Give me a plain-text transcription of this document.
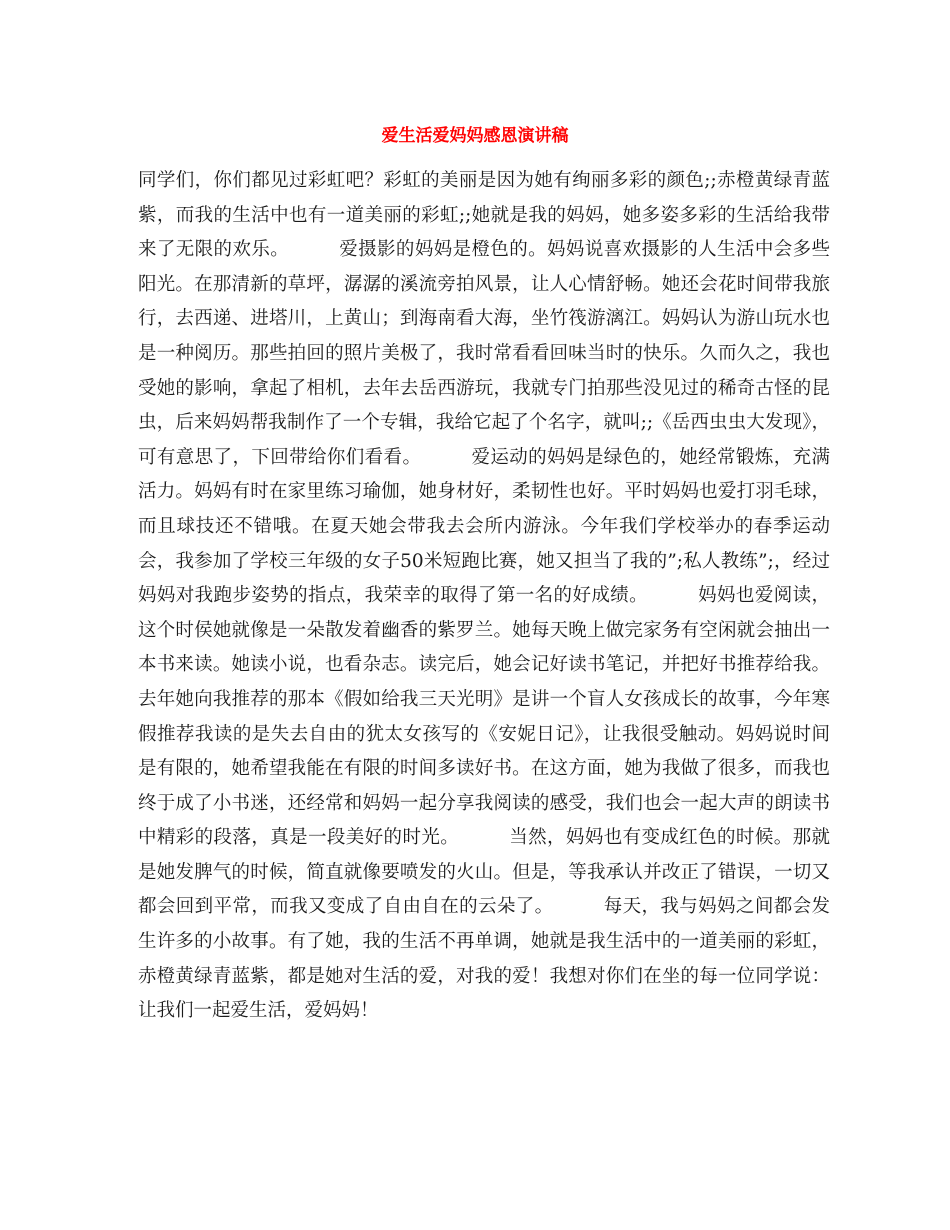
爱生活爱妈妈感恩演讲稿

同学们，你们都见过彩虹吧？彩虹的美丽是因为她有绚丽多彩的颜色;;赤橙黄绿青蓝紫，而我的生活中也有一道美丽的彩虹;;她就是我的妈妈，她多姿多彩的生活给我带来了无限的欢乐。        爱摄影的妈妈是橙色的。妈妈说喜欢摄影的人生活中会多些阳光。在那清新的草坪，潺潺的溪流旁拍风景，让人心情舒畅。她还会花时间带我旅行，去西递、进塔川，上黄山；到海南看大海，坐竹筏游漓江。妈妈认为游山玩水也是一种阅历。那些拍回的照片美极了，我时常看看回味当时的快乐。久而久之，我也受她的影响，拿起了相机，去年去岳西游玩，我就专门拍那些没见过的稀奇古怪的昆虫，后来妈妈帮我制作了一个专辑，我给它起了个名字，就叫;;《岳西虫虫大发现》，可有意思了，下回带给你们看看。        爱运动的妈妈是绿色的，她经常锻炼，充满活力。妈妈有时在家里练习瑜伽，她身材好，柔韧性也好。平时妈妈也爱打羽毛球，而且球技还不错哦。在夏天她会带我去会所内游泳。今年我们学校举办的春季运动会，我参加了学校三年级的女子50米短跑比赛，她又担当了我的”;私人教练”;，经过妈妈对我跑步姿势的指点，我荣幸的取得了第一名的好成绩。        妈妈也爱阅读，这个时侯她就像是一朵散发着幽香的紫罗兰。她每天晚上做完家务有空闲就会抽出一本书来读。她读小说，也看杂志。读完后，她会记好读书笔记，并把好书推荐给我。去年她向我推荐的那本《假如给我三天光明》是讲一个盲人女孩成长的故事，今年寒假推荐我读的是失去自由的犹太女孩写的《安妮日记》，让我很受触动。妈妈说时间是有限的，她希望我能在有限的时间多读好书。在这方面，她为我做了很多，而我也终于成了小书迷，还经常和妈妈一起分享我阅读的感受，我们也会一起大声的朗读书中精彩的段落，真是一段美好的时光。        当然，妈妈也有变成红色的时候。那就是她发脾气的时候，简直就像要喷发的火山。但是，等我承认并改正了错误，一切又都会回到平常，而我又变成了自由自在的云朵了。        每天，我与妈妈之间都会发生许多的小故事。有了她，我的生活不再单调，她就是我生活中的一道美丽的彩虹，赤橙黄绿青蓝紫，都是她对生活的爱，对我的爱！我想对你们在坐的每一位同学说：让我们一起爱生活，爱妈妈！
